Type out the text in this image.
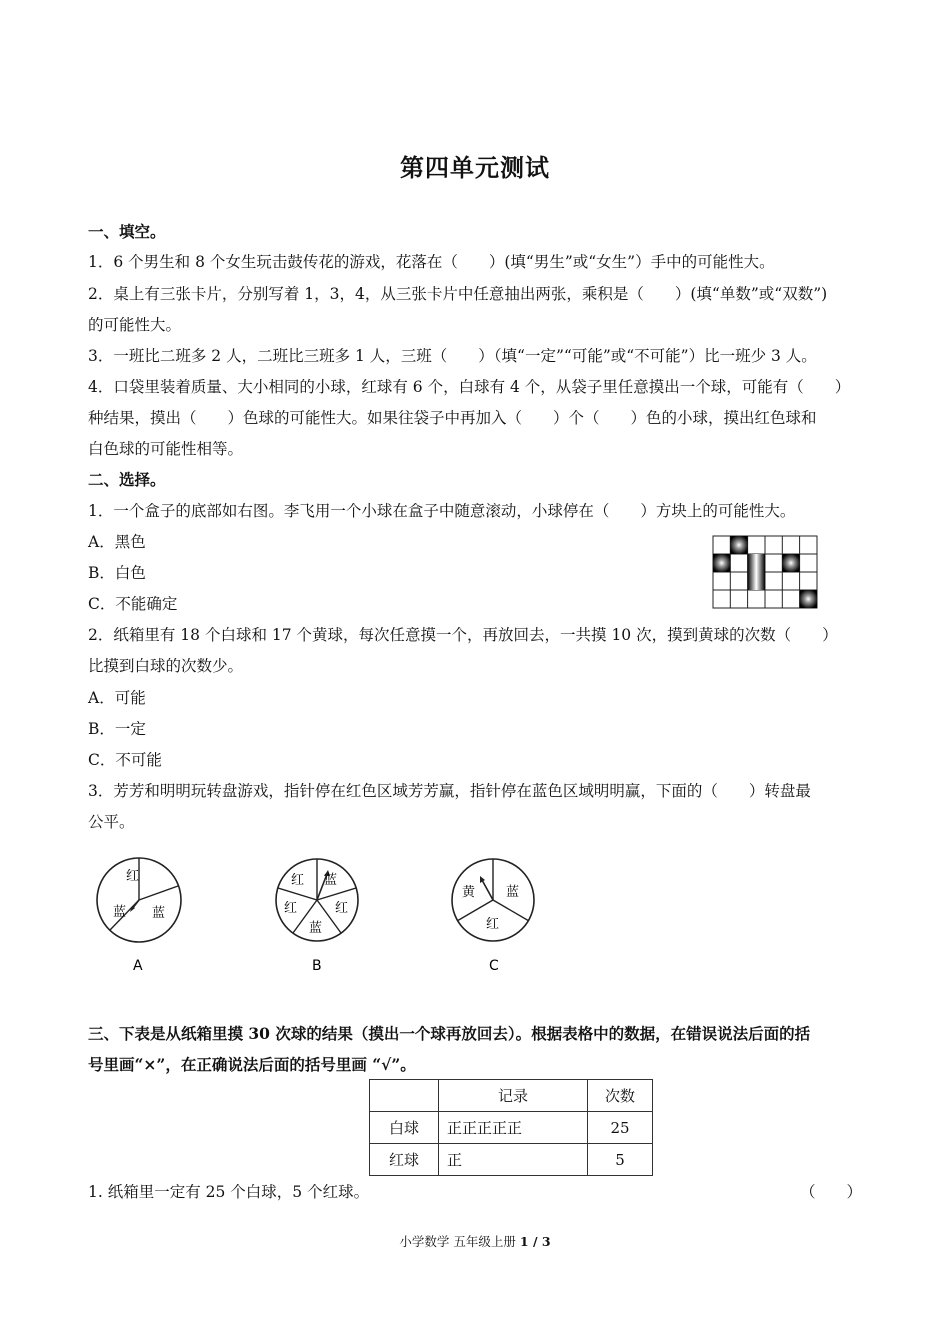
第四单元测试
一、填空。
1．6 个男生和 8 个女生玩击鼓传花的游戏，花落在（　　）(填“男生”或“女生”）手中的可能性大。
2．桌上有三张卡片，分别写着 1，3，4，从三张卡片中任意抽出两张，乘积是（　　）(填“单数”或“双数”)
的可能性大。
3．一班比二班多 2 人，二班比三班多 1 人，三班（　　）（填“一定”“可能”或“不可能”）比一班少 3 人。
4．口袋里装着质量、大小相同的小球，红球有 6 个，白球有 4 个，从袋子里任意摸出一个球，可能有（　　）
种结果，摸出（　　）色球的可能性大。如果往袋子中再加入（　　）个（　　）色的小球，摸出红色球和
白色球的可能性相等。
二、选择。
1．一个盒子的底部如右图。李飞用一个小球在盒子中随意滚动，小球停在（　　）方块上的可能性大。
A．黑色
B．白色
C．不能确定
2．纸箱里有 18 个白球和 17 个黄球，每次任意摸一个，再放回去，一共摸 10 次，摸到黄球的次数（　　）
比摸到白球的次数少。
A．可能
B．一定
C．不可能
3．芳芳和明明玩转盘游戏，指针停在红色区域芳芳赢，指针停在蓝色区域明明赢，下面的（　　）转盘最
公平。
红
蓝 蓝
A
红 蓝
红	红
蓝
B
黄 蓝
红
C
三、下表是从纸箱里摸 30 次球的结果（摸出一个球再放回去）。根据表格中的数据，在错误说法后面的括
号里画“×”，在正确说法后面的括号里画 “√”。
	记录	次数
白球	正正正正正	25
红球	正	5
1. 纸箱里一定有 25 个白球，5 个红球。	（　　）
小学数学 五年级上册 1 / 3
